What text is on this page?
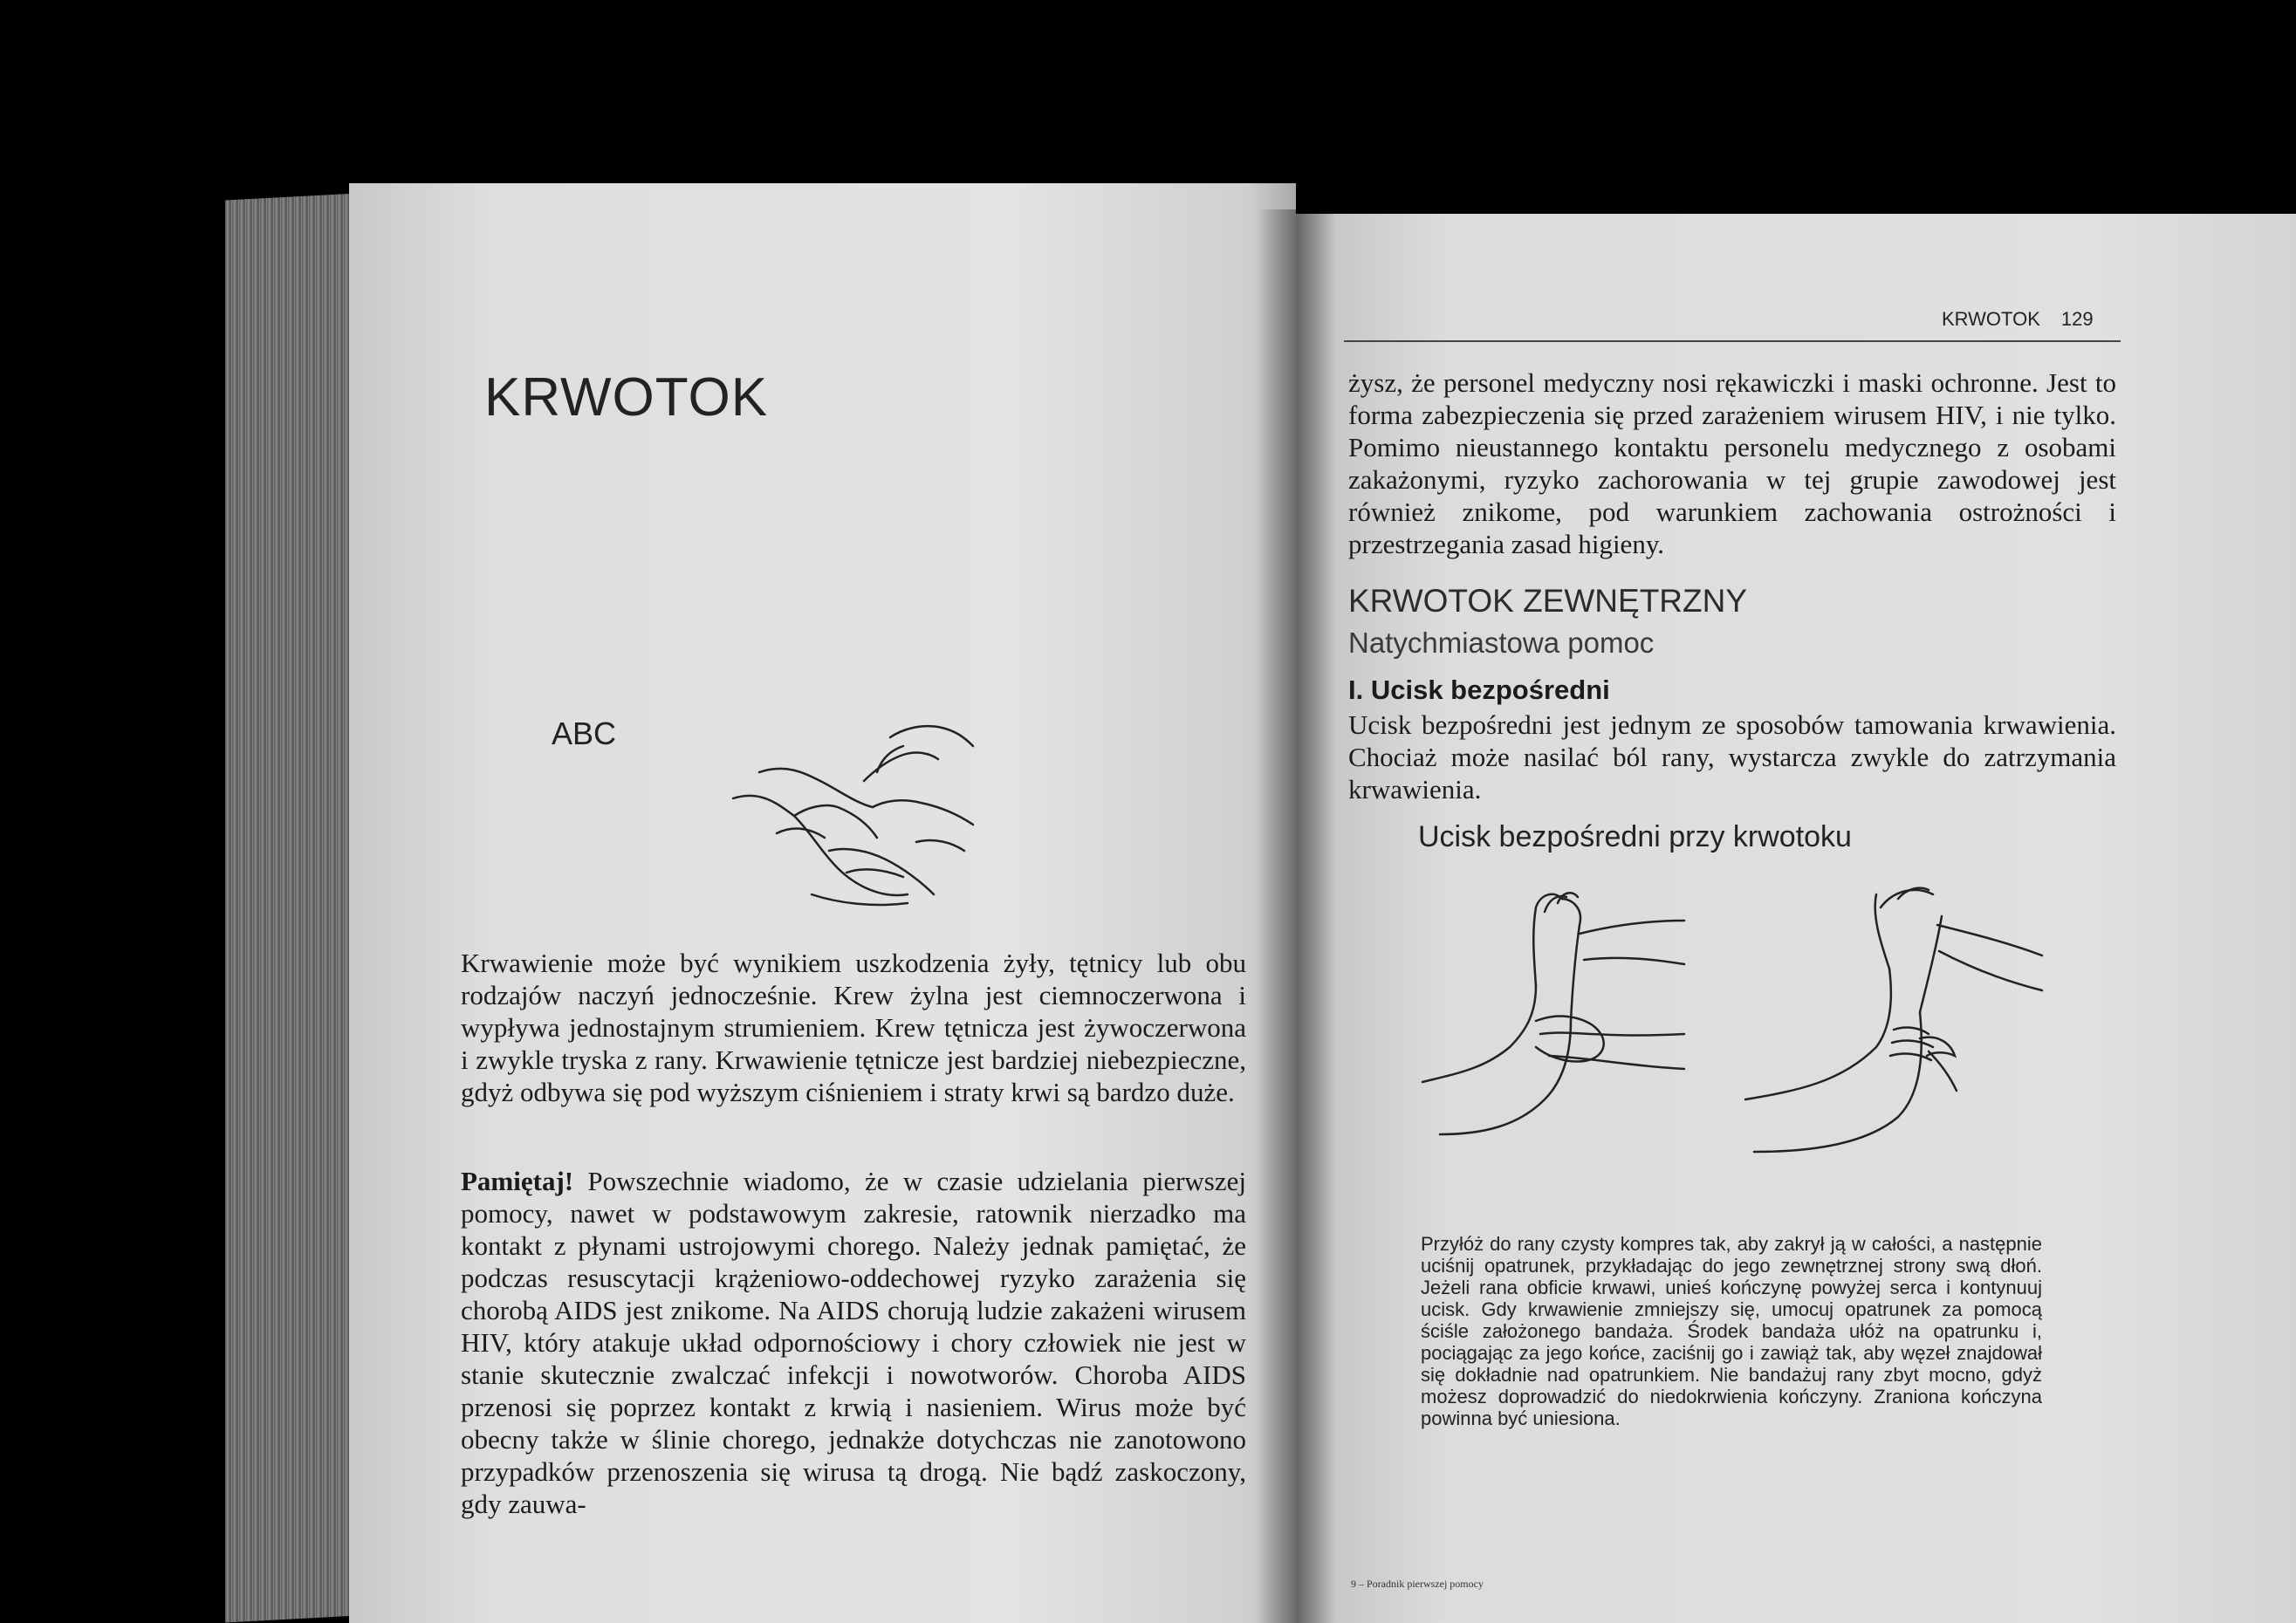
KRWOTOK
ABC

Krwawienie może być wynikiem uszkodzenia żyły, tętnicy lub obu rodzajów naczyń jednocześnie. Krew żylna jest ciemnoczerwona i wypływa jednostajnym strumieniem. Krew tętnicza jest żywoczerwona i zwykle tryska z rany. Krwawienie tętnicze jest bardziej niebezpieczne, gdyż odbywa się pod wyższym ciśnieniem i straty krwi są bardzo duże.

Pamiętaj! Powszechnie wiadomo, że w czasie udzielania pierwszej pomocy, nawet w podstawowym zakresie, ratownik nierzadko ma kontakt z płynami ustrojowymi chorego. Należy jednak pamiętać, że podczas resuscytacji krążeniowo-oddechowej ryzyko zarażenia się chorobą AIDS jest znikome. Na AIDS chorują ludzie zakażeni wirusem HIV, który atakuje układ odpornościowy i chory człowiek nie jest w stanie skutecznie zwalczać infekcji i nowotworów. Choroba AIDS przenosi się poprzez kontakt z krwią i nasieniem. Wirus może być obecny także w ślinie chorego, jednakże dotychczas nie zanotowono przypadków przenoszenia się wirusa tą drogą. Nie bądź zaskoczony, gdy zauwa-

KRWOTOK 129

żysz, że personel medyczny nosi rękawiczki i maski ochronne. Jest to forma zabezpieczenia się przed zarażeniem wirusem HIV, i nie tylko. Pomimo nieustannego kontaktu personelu medycznego z osobami zakażonymi, ryzyko zachorowania w tej grupie zawodowej jest również znikome, pod warunkiem zachowania ostrożności i przestrzegania zasad higieny.

KRWOTOK ZEWNĘTRZNY
Natychmiastowa pomoc
I. Ucisk bezpośredni

Ucisk bezpośredni jest jednym ze sposobów tamowania krwawienia. Chociaż może nasilać ból rany, wystarcza zwykle do zatrzymania krwawienia.

Ucisk bezpośredni przy krwotoku

Przyłóż do rany czysty kompres tak, aby zakrył ją w całości, a następnie uciśnij opatrunek, przykładając do jego zewnętrznej strony swą dłoń. Jeżeli rana obficie krwawi, unieś kończynę powyżej serca i kontynuuj ucisk. Gdy krwawienie zmniejszy się, umocuj opatrunek za pomocą ściśle założonego bandaża. Środek bandaża ułóż na opatrunku i, pociągając za jego końce, zaciśnij go i zawiąż tak, aby węzeł znajdował się dokładnie nad opatrunkiem. Nie bandażuj rany zbyt mocno, gdyż możesz doprowadzić do niedokrwienia kończyny. Zraniona kończyna powinna być uniesiona.

9 – Poradnik pierwszej pomocy
